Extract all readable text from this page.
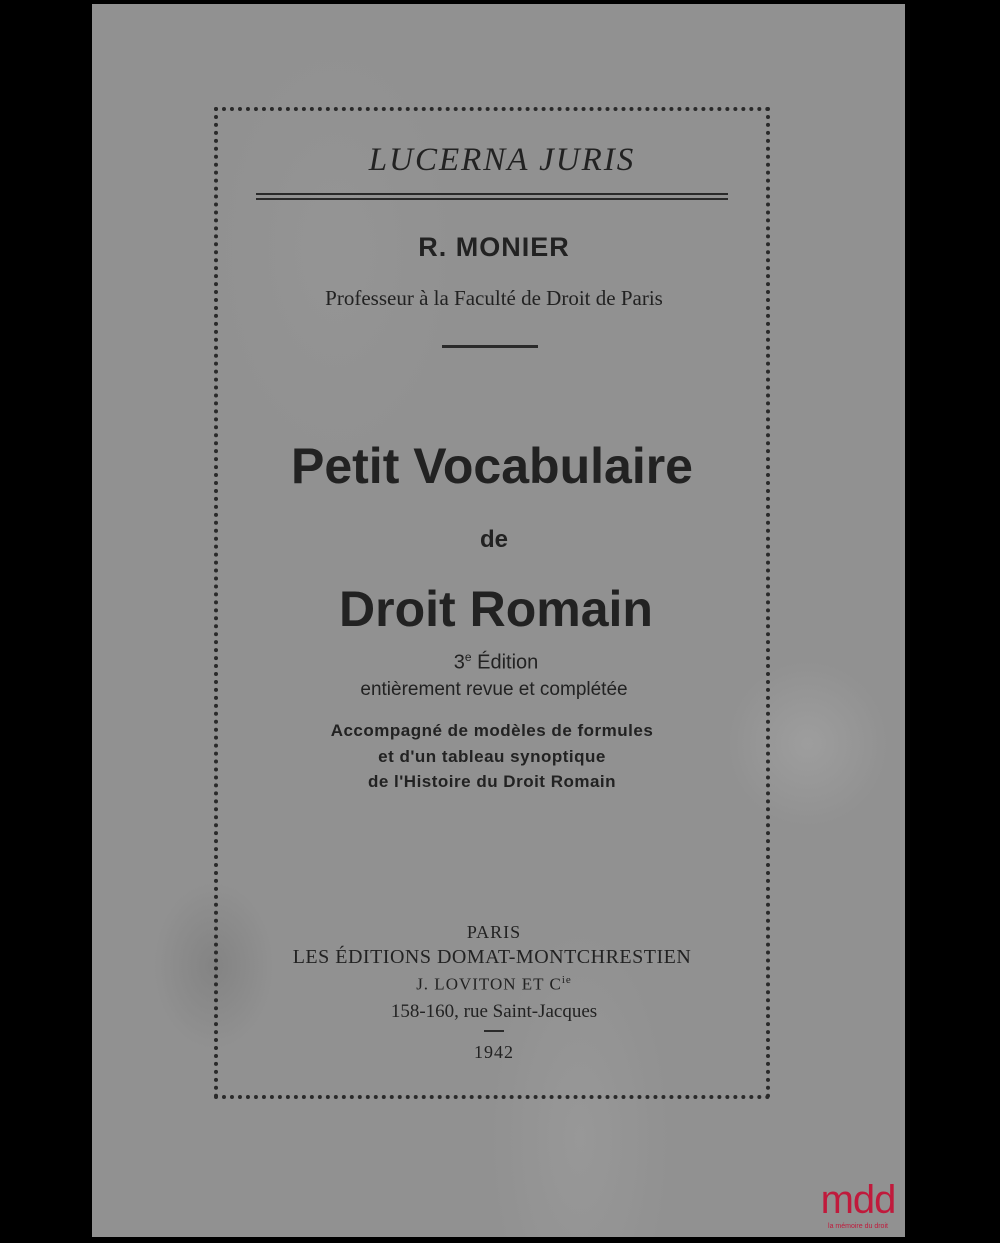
LUCERNA JURIS
R. MONIER
Professeur à la Faculté de Droit de Paris
Petit Vocabulaire
de
Droit Romain
3e Édition
entièrement revue et complétée
Accompagné de modèles de formules
et d'un tableau synoptique
de l'Histoire du Droit Romain
PARIS
LES ÉDITIONS DOMAT-MONTCHRESTIEN
J. LOVITON ET $C^{ie}$
158-160, rue Saint-Jacques
1942
mdd
la mémoire du droit
